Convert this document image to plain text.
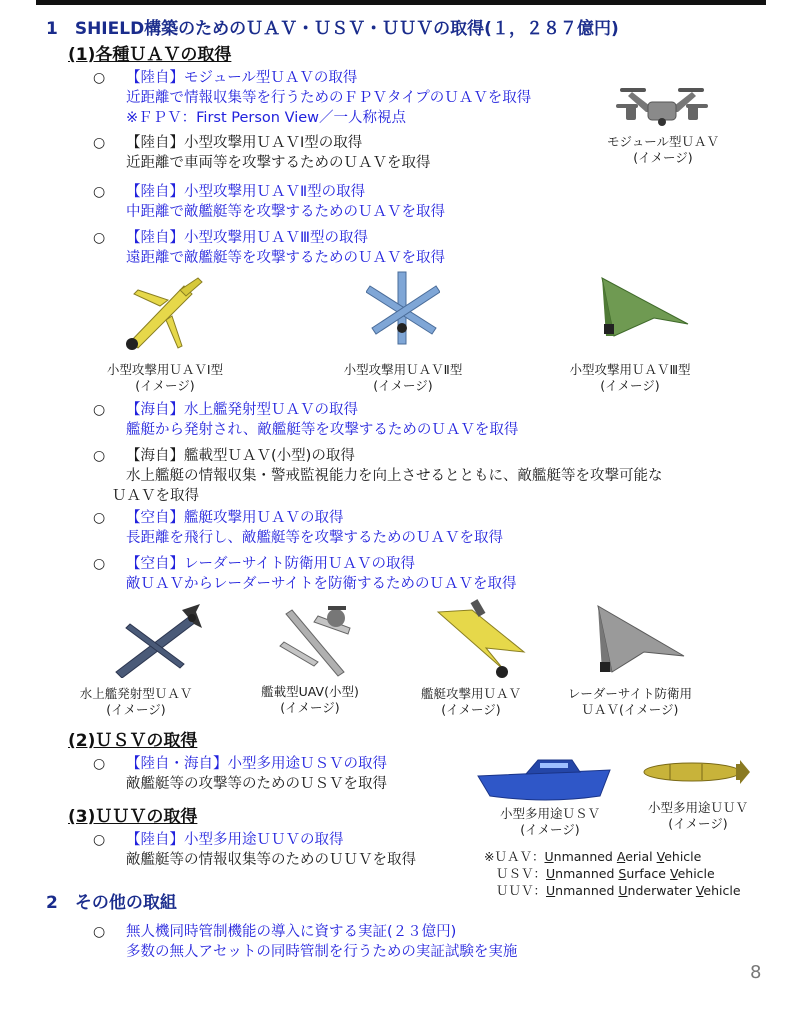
1　SHIELD構築のためのＵＡＶ・ＵＳＶ・ＵＵＶの取得(１，２８７億円)
(1)各種ＵＡＶの取得
○ 【陸自】モジュール型ＵＡＶの取得
近距離で情報収集等を行うためのＦＰＶタイプのＵＡＶを取得
※ＦＰＶ：First Person View／一人称視点
○ 【陸自】小型攻撃用ＵＡＶⅠ型の取得
近距離で車両等を攻撃するためのＵＡＶを取得
○ 【陸自】小型攻撃用ＵＡＶⅡ型の取得
中距離で敵艦艇等を攻撃するためのＵＡＶを取得
○ 【陸自】小型攻撃用ＵＡＶⅢ型の取得
遠距離で敵艦艇等を攻撃するためのＵＡＶを取得
モジュール型ＵＡＶ
(イメージ)
小型攻撃用ＵＡＶⅠ型
(イメージ)
小型攻撃用ＵＡＶⅡ型
(イメージ)
小型攻撃用ＵＡＶⅢ型
(イメージ)
○ 【海自】水上艦発射型ＵＡＶの取得
艦艇から発射され、敵艦艇等を攻撃するためのＵＡＶを取得
○ 【海自】艦載型ＵＡＶ(小型)の取得
水上艦艇の情報収集・警戒監視能力を向上させるとともに、敵艦艇等を攻撃可能な
ＵＡＶを取得
○ 【空自】艦艇攻撃用ＵＡＶの取得
長距離を飛行し、敵艦艇等を攻撃するためのＵＡＶを取得
○ 【空自】レーダーサイト防衛用ＵＡＶの取得
敵ＵＡＶからレーダーサイトを防衛するためのＵＡＶを取得
水上艦発射型ＵＡＶ
(イメージ)
艦載型UAV(小型)
(イメージ)
艦艇攻撃用ＵＡＶ
(イメージ)
レーダーサイト防衛用
ＵＡＶ(イメージ)
(2)ＵＳＶの取得
○ 【陸自・海自】小型多用途ＵＳＶの取得
敵艦艇等の攻撃等のためのＵＳＶを取得
(3)ＵＵＶの取得
○ 【陸自】小型多用途ＵＵＶの取得
敵艦艇等の情報収集等のためのＵＵＶを取得
小型多用途ＵＳＶ
(イメージ)
小型多用途ＵＵＶ
(イメージ)
※ＵＡＶ：Unmanned Aerial Vehicle
ＵＳＶ：Unmanned Surface Vehicle
ＵＵＶ：Unmanned Underwater Vehicle
2　その他の取組
○ 無人機同時管制機能の導入に資する実証(２３億円)
多数の無人アセットの同時管制を行うための実証試験を実施
8
